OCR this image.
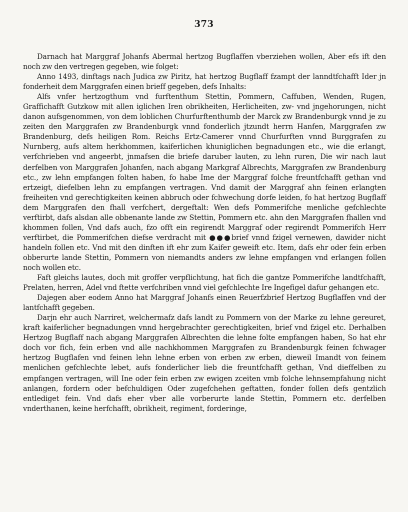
373

Darnach hat Marggraf Johanfs Abermal hertzog Bugflaffen vberziehen wollen, Aber efs ift den noch zw den vertregen gegeben, wie folget:

Anno 1493, dinftags nach Judica zw Piritz, hat hertzog Bugflaff fzampt der lanndtfchafft Ider jn fonderheit dem Marggrafen einen brieff gegeben, defs Inhalts:

Alfs vnfer hertzogthum vnd furftenthum Stettin, Pommern, Caffuben, Wenden, Rugen, Graffichafft Gutzkow mit allen iglichen Iren obrikheiten, Herlicheiten, zw- vnd jngehorungen, nicht danon aufsgenommen, von dem loblichen Churfurftenthumb der Marck zw Brandenburgk vnnd je zu zeiten den Marggrafen zw Brandenburgk vnnd fonderlich jtzundt herrn Hanfen, Marggrafen zw Brandenburg, defs heiligen Rom. Reichs Ertz-Camerer vnnd Churfurften vnnd Burggrafen zu Nurnberg, aufs altem herkhommen, kaiferlichen khuniglichen begnadungen etc., wie die erlangt, verfchrieben vnd angeerbt, jnmafsen die briefe daruber lauten, zu lehn ruren, Die wir nach laut derfelben von Marggrafen Johanfen, nach abgang Markgraf Albrechts, Marggrafen zw Brandenburg etc., zw lehn empfangen folten haben, fo habe Ime der Marggraf folche freuntfchafft gethan vnd ertzeigt, diefelben lehn zu empfangen vertragen. Vnd damit der Marggraf ahn feinen erlangten freiheiten vnd gerechtigkeiten keinen abbruch oder fchwechung dorfe leiden, fo hat hertzog Bugflaff dem Marggrafen den fhall verfchert, dergeftalt: Wen defs Pommerifche menliche gefchlechte verftirbt, dafs alsdan alle obbenante lande zw Stettin, Pommern etc. ahn den Marggrafen fhallen vnd khommen follen, Vnd dafs auch, fzo offt ein regirendt Marggraf oder regirendt Pommerifch Herr verftirbet, die Pommerifchen diefse verdracht mit ●●●brief vnnd fzigel vernewen, dawider nicht handeln follen etc. Vnd mit den dinften ift ehr zum Kaifer geweift etc. Item, dafs ehr oder fein erben obberurte lande Stettin, Pommern von niemandts anders zw lehne empfangen vnd erlangen follen noch wollen etc.

Faft gleichs lautes, doch mit groffer verpflichtung, hat fich die gantze Pommerifche landtfchafft, Prelaten, herren, Adel vnd ftette verfchriben vnnd viel gefchlechte Ire Ingefigel dafur gehangen etc.

Dajegen aber eodem Anno hat Marggraf Johanfs einen Reuerfzbrief Hertzog Bugflaffen vnd der lantfchafft gegeben.

Darjn ehr auch Narriret, welchermafz dafs landt zu Pommern von der Marke zu lehne gereuret, kraft kaiferlicher begnadungen vnnd hergebrachter gerechtigkeiten, brief vnd fzigel etc. Derhalben Hertzog Bugflaff nach abgang Marggrafen Albrechten die lehne folte empfangen haben, So hat ehr doch vor fich, fein erben vnd alle nachkhommen Marggrafen zu Brandenburgk feinen fchwager hertzog Bugflafen vnd feinen lehn lehne erben von erben zw erben, dieweil Imandt von feinem menlichen gefchlechte lebet, aufs fonderlicher lieb die freuntfchafft gethan, Vnd dieffelben zu empfangen vertragen, will Ine oder fein erben zw ewigen zceiten vmb folche lehnsempfahung nicht anlangen, fordern oder befchuldigen Oder zugefchehen geftatten, fonder follen defs gentzlich entlediget fein. Vnd dafs eher vber alle vorberurte lande Stettin, Pommern etc. derfelben vnderthanen, keine herfchafft, obrikheit, regiment, forderinge,
